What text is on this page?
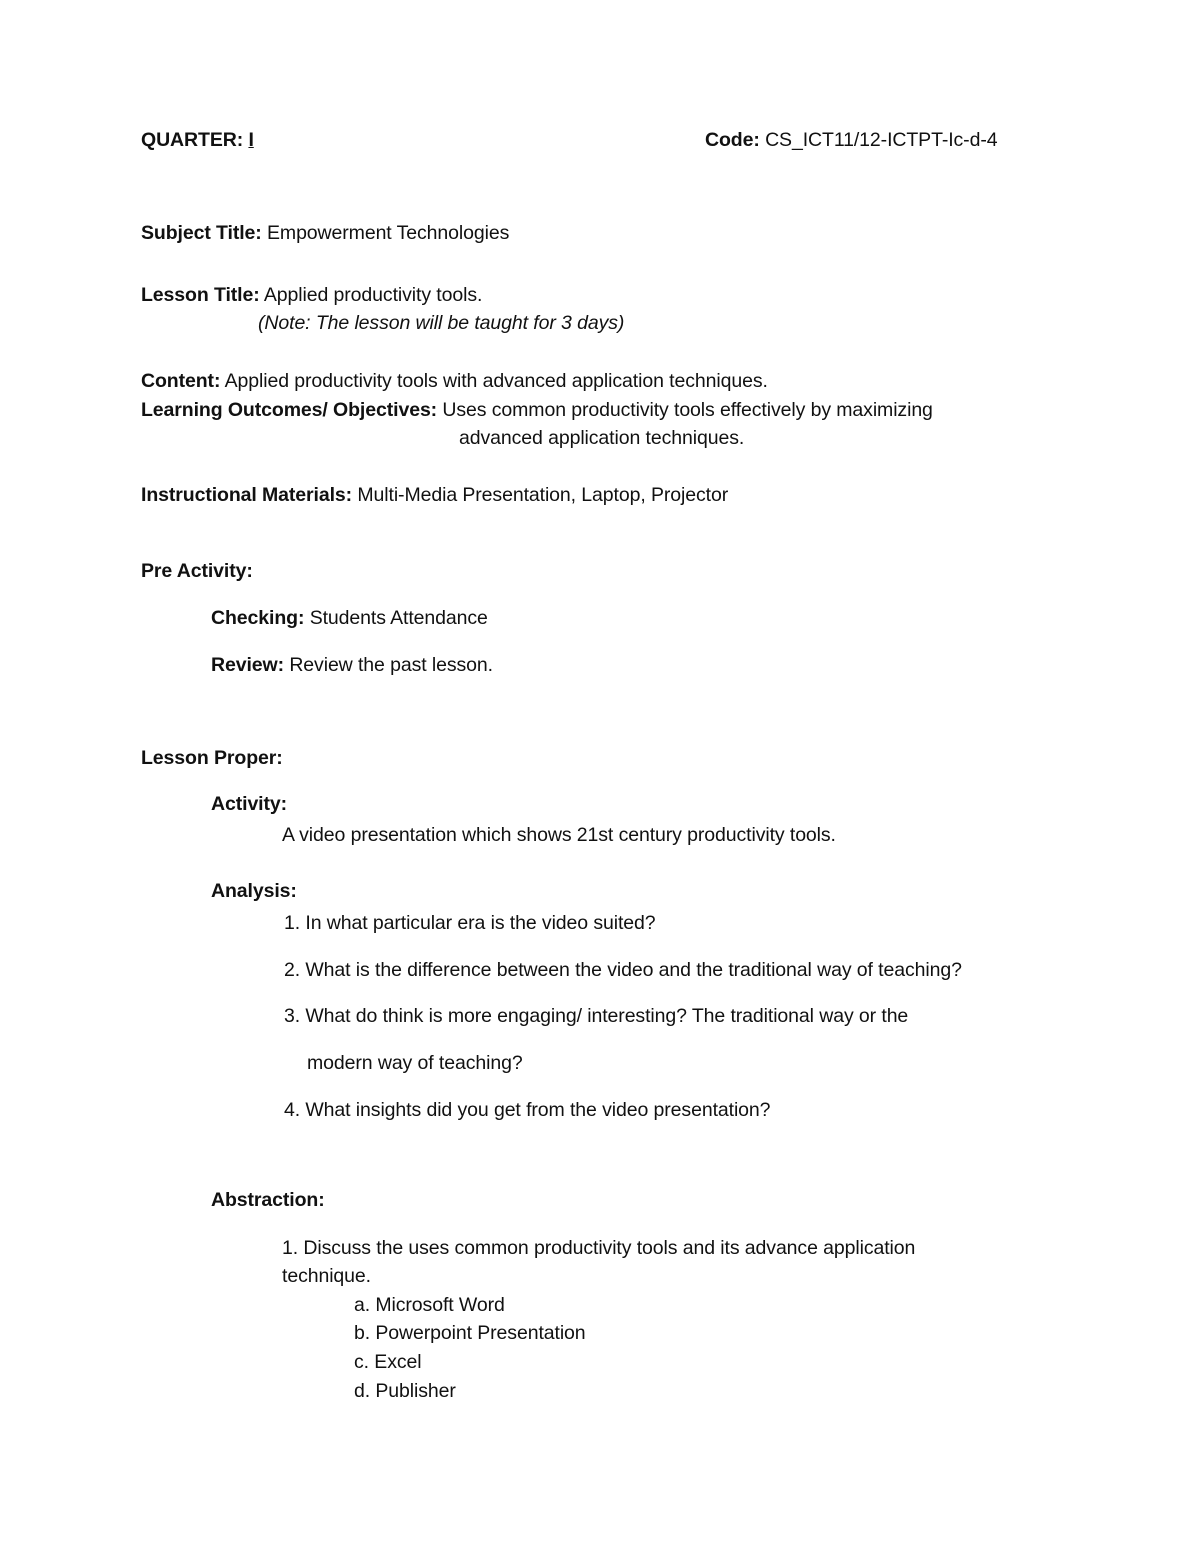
QUARTER: I	Code: CS_ICT11/12-ICTPT-Ic-d-4
Subject Title: Empowerment Technologies
Lesson Title: Applied productivity tools.
(Note: The lesson will be taught for 3 days)
Content: Applied productivity tools with advanced application techniques.
Learning Outcomes/ Objectives: Uses common productivity tools effectively by maximizing
advanced application techniques.
Instructional Materials: Multi-Media Presentation, Laptop, Projector
Pre Activity:
Checking: Students Attendance
Review: Review the past lesson.
Lesson Proper:
Activity:
A video presentation which shows 21st century productivity tools.
Analysis:
1. In what particular era is the video suited?
2. What is the difference between the video and the traditional way of teaching?
3. What do think is more engaging/ interesting? The traditional way or the
modern way of teaching?
4. What insights did you get from the video presentation?
Abstraction:
1. Discuss the uses common productivity tools and its advance application
technique.
a. Microsoft Word
b. Powerpoint Presentation
c. Excel
d. Publisher
